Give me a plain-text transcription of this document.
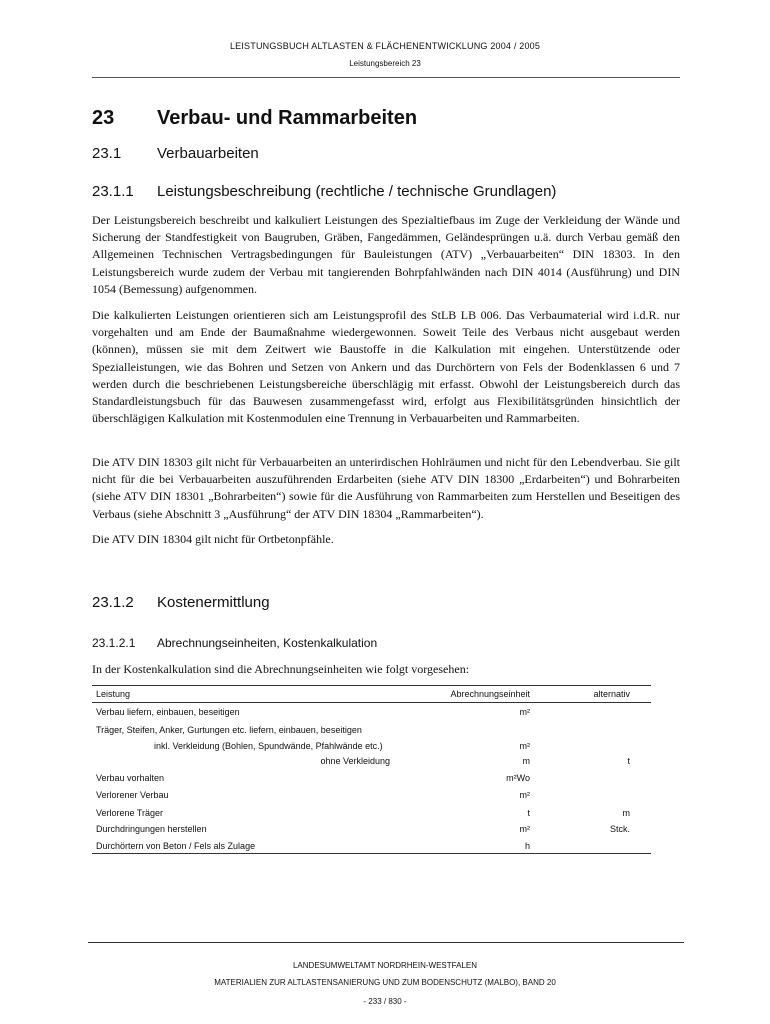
LEISTUNGSBUCH ALTLASTEN & FLÄCHENENTWICKLUNG 2004 / 2005
Leistungsbereich 23
23 Verbau- und Rammarbeiten
23.1 Verbauarbeiten
23.1.1 Leistungsbeschreibung (rechtliche / technische Grundlagen)
Der Leistungsbereich beschreibt und kalkuliert Leistungen des Spezialtiefbaus im Zuge der Verkleidung der Wände und Sicherung der Standfestigkeit von Baugruben, Gräben, Fangedämmen, Geländesprüngen u.ä. durch Verbau gemäß den Allgemeinen Technischen Vertragsbedingungen für Bauleistungen (ATV) „Verbauarbeiten“ DIN 18303. In den Leistungsbereich wurde zudem der Verbau mit tangierenden Bohrpfahlwänden nach DIN 4014 (Ausführung) und DIN 1054 (Bemessung) aufgenommen.
Die kalkulierten Leistungen orientieren sich am Leistungsprofil des StLB LB 006. Das Verbaumaterial wird i.d.R. nur vorgehalten und am Ende der Baumaßnahme wiedergewonnen. Soweit Teile des Verbaus nicht ausgebaut werden (können), müssen sie mit dem Zeitwert wie Baustoffe in die Kalkulation mit eingehen. Unterstützende oder Spezialleistungen, wie das Bohren und Setzen von Ankern und das Durchörtern von Fels der Bodenklassen 6 und 7 werden durch die beschriebenen Leistungsbereiche überschlägig mit erfasst. Obwohl der Leistungsbereich durch das Standardleistungsbuch für das Bauwesen zusammengefasst wird, erfolgt aus Flexibilitätsgründen hinsichtlich der überschlägigen Kalkulation mit Kostenmodulen eine Trennung in Verbauarbeiten und Rammarbeiten.
Die ATV DIN 18303 gilt nicht für Verbauarbeiten an unterirdischen Hohlräumen und nicht für den Lebendverbau. Sie gilt nicht für die bei Verbauarbeiten auszuführenden Erdarbeiten (siehe ATV DIN 18300 „Erdarbeiten“) und Bohrarbeiten (siehe ATV DIN 18301 „Bohrarbeiten“) sowie für die Ausführung von Rammarbeiten zum Herstellen und Beseitigen des Verbaus (siehe Abschnitt 3 „Ausführung“ der ATV DIN 18304 „Rammarbeiten“).
Die ATV DIN 18304 gilt nicht für Ortbetonpfähle.
23.1.2 Kostenermittlung
23.1.2.1 Abrechnungseinheiten, Kostenkalkulation
In der Kostenkalkulation sind die Abrechnungseinheiten wie folgt vorgesehen:
Leistung	Abrechnungseinheit	alternativ
Verbau liefern, einbauen, beseitigen	m²
Träger, Steifen, Anker, Gurtungen etc. liefern, einbauen, beseitigen
inkl. Verkleidung (Bohlen, Spundwände, Pfahlwände etc.)	m²
ohne Verkleidung	m	t
Verbau vorhalten	m²Wo
Verlorener Verbau	m²
Verlorene Träger	t	m
Durchdringungen herstellen	m²	Stck.
Durchörtern von Beton / Fels als Zulage	h
LANDESUMWELTAMT NORDRHEIN-WESTFALEN
MATERIALIEN ZUR ALTLASTENSANIERUNG UND ZUM BODENSCHUTZ (MALBO), BAND 20
- 233 / 830 -
